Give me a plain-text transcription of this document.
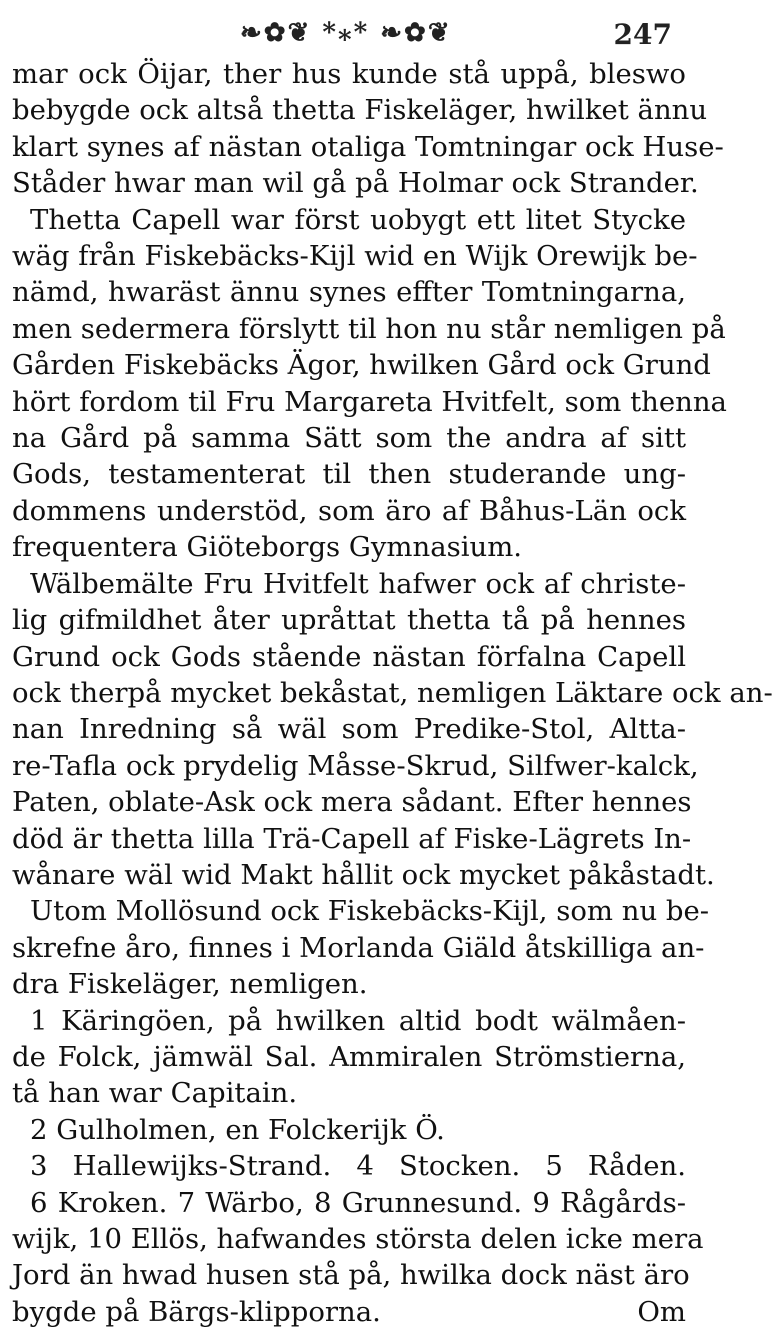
❧✿❦ *⁎* ❧✿❦	247
mar ock Öijar, ther hus kunde stå uppå, bleswo
bebygde ock altså thetta Fiskeläger, hwilket ännu
klart synes af nästan otaliga Tomtningar ock Huse-
Ståder hwar man wil gå på Holmar ock Strander.
Thetta Capell war först uobygt ett litet Stycke
wäg från Fiskebäcks-Kijl wid en Wijk Orewijk be-
nämd, hwaräst ännu synes effter Tomtningarna,
men sedermera förslytt til hon nu står nemligen på
Gården Fiskebäcks Ägor, hwilken Gård ock Grund
hört fordom til Fru Margareta Hvitfelt, som thenna
na Gård på samma Sätt som the andra af sitt
Gods, testamenterat til then studerande ung-
dommens understöd, som äro af Båhus-Län ock
frequentera Giöteborgs Gymnasium.
Wälbemälte Fru Hvitfelt hafwer ock af christe-
lig gifmildhet åter upråttat thetta tå på hennes
Grund ock Gods stående nästan förfalna Capell
ock therpå mycket bekåstat, nemligen Läktare ock an-
nan Inredning så wäl som Predike-Stol, Altta-
re-Tafla ock prydelig Måsse-Skrud, Silfwer-kalck,
Paten, oblate-Ask ock mera sådant. Efter hennes
död är thetta lilla Trä-Capell af Fiske-Lägrets In-
wånare wäl wid Makt hållit ock mycket påkåstadt.
Utom Mollösund ock Fiskebäcks-Kijl, som nu be-
skrefne åro, finnes i Morlanda Giäld åtskilliga an-
dra Fiskeläger, nemligen.
1 Käringöen, på hwilken altid bodt wälmåen-
de Folck, jämwäl Sal. Ammiralen Strömstierna,
tå han war Capitain.
2 Gulholmen, en Folckerijk Ö.
3 Hallewijks-Strand. 4 Stocken. 5 Råden.
6 Kroken. 7 Wärbo, 8 Grunnesund. 9 Rågårds-
wijk, 10 Ellös, hafwandes största delen icke mera
Jord än hwad husen stå på, hwilka dock näst äro
bygde på Bärgs-klipporna.	Om
